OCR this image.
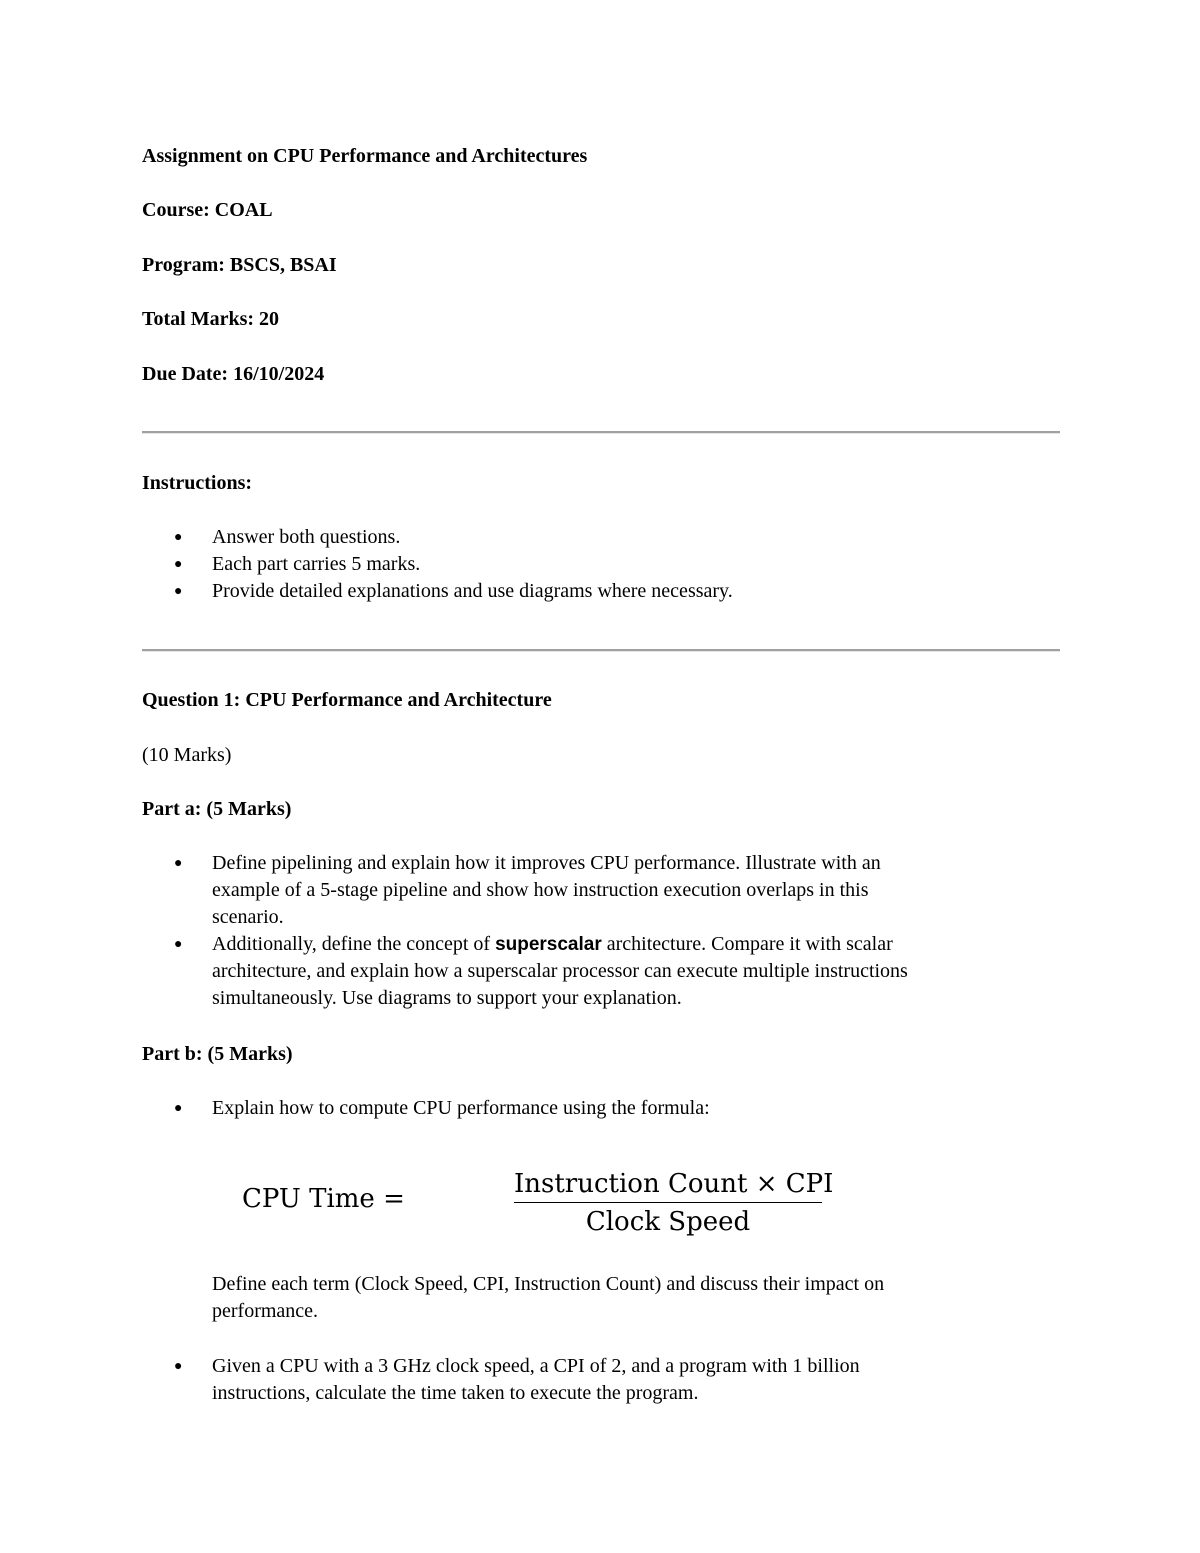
Assignment on CPU Performance and Architectures

Course: COAL

Program: BSCS, BSAI

Total Marks: 20

Due Date: 16/10/2024

Instructions:

● Answer both questions.
● Each part carries 5 marks.
● Provide detailed explanations and use diagrams where necessary.

Question 1: CPU Performance and Architecture

(10 Marks)

Part a: (5 Marks)

● Define pipelining and explain how it improves CPU performance. Illustrate with an
example of a 5-stage pipeline and show how instruction execution overlaps in this
scenario.
● Additionally, define the concept of superscalar architecture. Compare it with scalar
architecture, and explain how a superscalar processor can execute multiple instructions
simultaneously. Use diagrams to support your explanation.

Part b: (5 Marks)

● Explain how to compute CPU performance using the formula:
CPU Time =	Instruction Count × CPI
Clock Speed
Define each term (Clock Speed, CPI, Instruction Count) and discuss their impact on
performance.
● Given a CPU with a 3 GHz clock speed, a CPI of 2, and a program with 1 billion
instructions, calculate the time taken to execute the program.
